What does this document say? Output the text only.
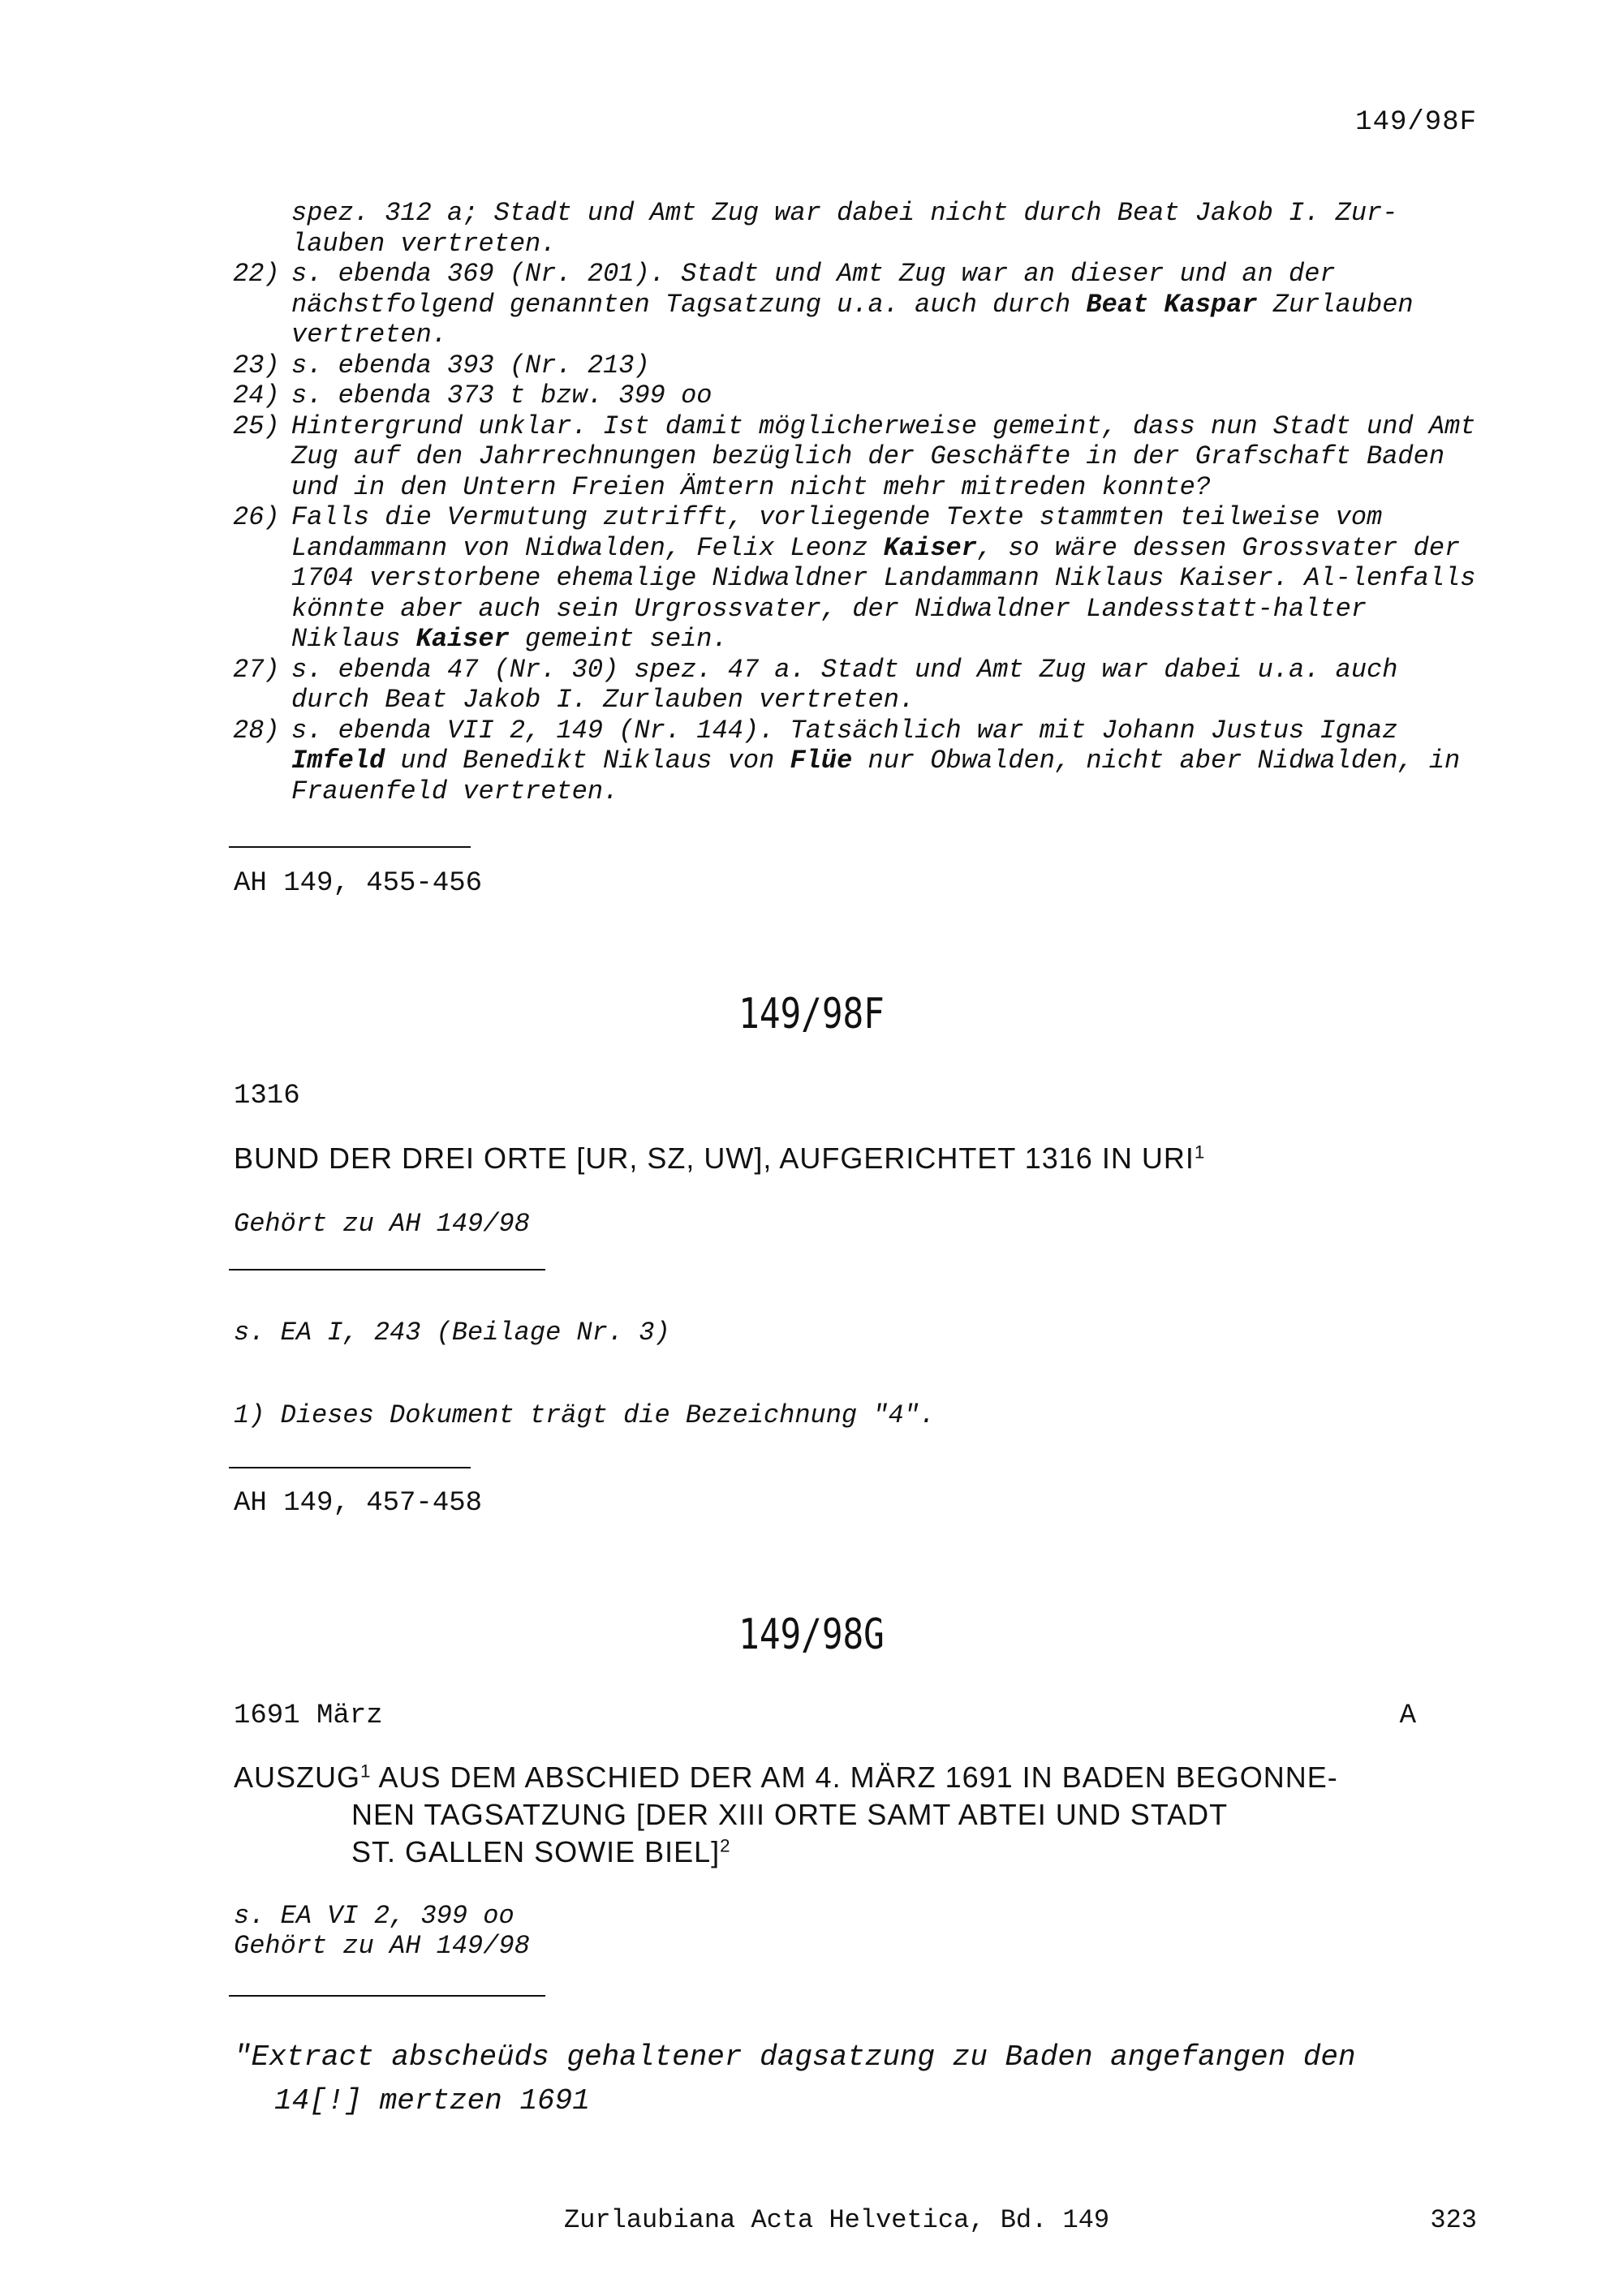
149/98F
spez. 312 a; Stadt und Amt Zug war dabei nicht durch Beat Jakob I. Zur-
lauben vertreten.
22) s. ebenda 369 (Nr. 201). Stadt und Amt Zug war an dieser und an der nächstfolgend genannten Tagsatzung u.a. auch durch Beat Kaspar Zurlauben vertreten.
23) s. ebenda 393 (Nr. 213)
24) s. ebenda 373 t bzw. 399 oo
25) Hintergrund unklar. Ist damit möglicherweise gemeint, dass nun Stadt und Amt Zug auf den Jahrrechnungen bezüglich der Geschäfte in der Grafschaft Baden und in den Untern Freien Ämtern nicht mehr mitreden konnte?
26) Falls die Vermutung zutrifft, vorliegende Texte stammten teilweise vom Landammann von Nidwalden, Felix Leonz Kaiser, so wäre dessen Grossvater der 1704 verstorbene ehemalige Nidwaldner Landammann Niklaus Kaiser. Al-lenfalls könnte aber auch sein Urgrossvater, der Nidwaldner Landesstatt-halter Niklaus Kaiser gemeint sein.
27) s. ebenda 47 (Nr. 30) spez. 47 a. Stadt und Amt Zug war dabei u.a. auch durch Beat Jakob I. Zurlauben vertreten.
28) s. ebenda VII 2, 149 (Nr. 144). Tatsächlich war mit Johann Justus Ignaz Imfeld und Benedikt Niklaus von Flüe nur Obwalden, nicht aber Nidwalden, in Frauenfeld vertreten.
AH 149, 455-456
149/98F
1316
BUND DER DREI ORTE [UR, SZ, UW], AUFGERICHTET 1316 IN URI$^1$
Gehört zu AH 149/98
s. EA I, 243 (Beilage Nr. 3)
1) Dieses Dokument trägt die Bezeichnung "4".
AH 149, 457-458
149/98G
1691 März	A
AUSZUG$^1$ AUS DEM ABSCHIED DER AM 4. MÄRZ 1691 IN BADEN BEGONNE-
NEN TAGSATZUNG [DER XIII ORTE SAMT ABTEI UND STADT
ST. GALLEN SOWIE BIEL]$^2$
s. EA VI 2, 399 oo
Gehört zu AH 149/98
"Extract abscheüds gehaltener dagsatzung zu Baden angefangen den
14[!] mertzen 1691
Zurlaubiana Acta Helvetica, Bd. 149	323
